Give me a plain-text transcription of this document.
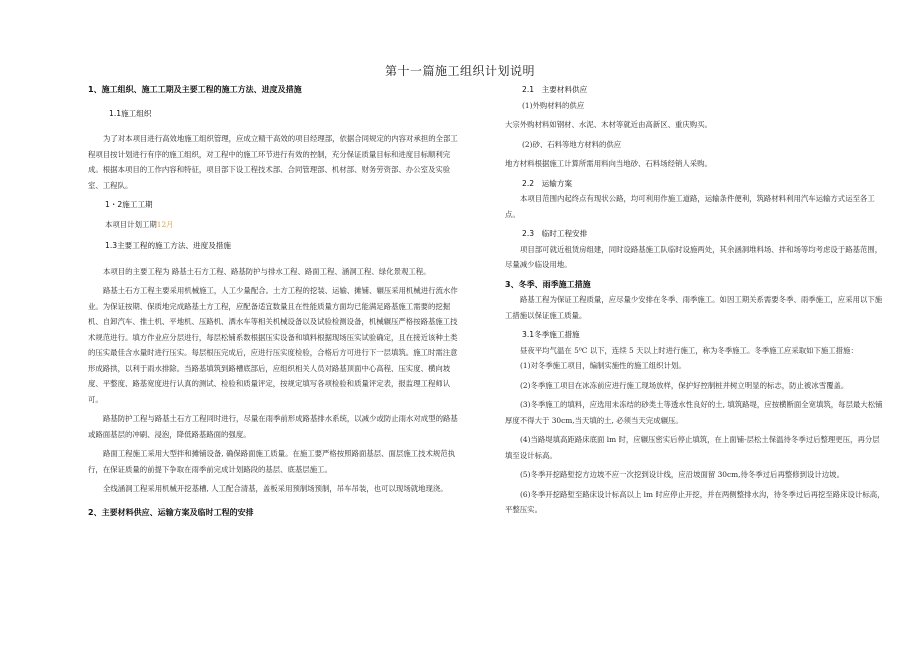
第十一篇施工组织计划说明

1、施工组织、施工工期及主要工程的施工方法、进度及措施

1.1施工组织

为了对本项目进行高效地施工组织管理，应成立精干高效的项目经理部，依据合同规定的内容对承担的全部工程项目按计划进行有序的施工组织，对工程中的施工环节进行有效的控制，充分保证质量目标和进度目标顺利完成。根据本项目的工作内容和特征，项目部下设工程技术部、合同管理部、机材部、财务劳资部、办公室及实验室、工程队。

1・2施工工期

本项目计划工期12月

1.3主要工程的施工方法、进度及措施

本项目的主要工程为 路基土石方工程、路基防护与排水工程、路面工程、涵洞工程、绿化景观工程。

路基土石方工程主要采用机械施工，人工少量配合。土方工程的挖装、运输、摊铺、辗压采用机械进行流水作业。为保证按期、保质地完成路基土方工程，应配备适宜数量且在性能质量方面均已能满足路基施工需要的挖掘机、自卸汽车、推土机、平地机、压路机、洒水车等相关机械设备以及试验检测设备，机械辗压严格按路基施工技术规范进行。填方作业应分层进行，每层松铺系数根据压实设备和填料根据现场压实试验确定，且在接近该种土类的压实最佳含水量时进行压实。每层根压完成后，应进行压实度检验，合格后方可进行下一层填筑。施工时需注意形成路拱，以利于雨水排除。当路基填筑到路槽底部后，应组织相关人员对路基顶面中心高程、压实度、横向坡度、平整度、路基宽度进行认真的测试、检验和质量评定，按规定填写各项检验和质量评定表，报监理工程师认可。

路基防护工程与路基土石方工程同时进行，尽量在雨季前形成路基排水系统，以减少或防止雨水对成型的路基或路面基层的冲刷、浸泡，降低路基路面的强度。

路面工程施工采用大型拌和摊铺设备, 确保路面施工质量。在施工要严格按照路面基层、面层施工技术规范执行，在保证质量的前提下争取在雨季前完成计划路段的基层、底基层施工。

全线涵洞工程采用机械开挖基槽, 人工配合清基，盖板采用预制场预制，吊车吊装，也可以现场就地现浇。

2、主要材料供应、运输方案及临时工程的安排

2.1　主要材料供应

(1)外购材料的供应

大宗外购材料如钢材、水泥、木材等就近由高新区、重庆购买。

(2)砂、石料等地方材料的供应

地方材料根据施工计算所需用料向当地砂、石料场经销人采购。

2.2　运输方案

本项目范围内起终点有现状公路，均可利用作施工道路，运输条件便利，筑路材料利用汽车运输方式运至各工点。

2.3　临时工程安排

项目部可就近租赁房组建，同时设路基施工队临时设施两处，其余涵洞堆料场、拌和场等均考虑设于路基范围，尽量减少临设用地。

3、冬季、雨季施工措施

路基工程为保证工程质量，应尽量少安排在冬季、雨季施工。如因工期关系需要冬季、雨季施工，应采用以下施工措施以保证施工质量。

3.1冬季施工措施

昼夜平均气温在 5⁰C 以下，连续 5 天以上时进行施工，称为冬季施工。冬季施工应采取如下施工措施：

(1)对冬季施工项目，编制实施性的施工组织计划。

(2)冬季施工项目在冰冻前应进行施工现场放样，保护好控制桩并树立明显的标志，防止被冰雪覆盖。

(3)冬季施工的填料，应选用未冻结的砂类土等透水性良好的土, 填筑路堤，应按横断面全宽填筑，每层最大松铺厚度不得大于 30cm,当天填的土, 必须当天完成辗压。

(4)当路堤填高距路床底面 lm 时，应辗压密实后停止填筑，在上面铺-层松土保温待冬季过后整理更压，再分层填至设计标高。

(5)冬季开挖路堑挖方边坡不应一次挖到设计线，应沿坡面留 30cm,待冬季过后再整修到设计边坡。

(6)冬季开挖路堑至路床设计标高以上 lm 时应停止开挖，并在两侧整排水沟，待冬季过后再挖至路床设计标高，平整压实。
